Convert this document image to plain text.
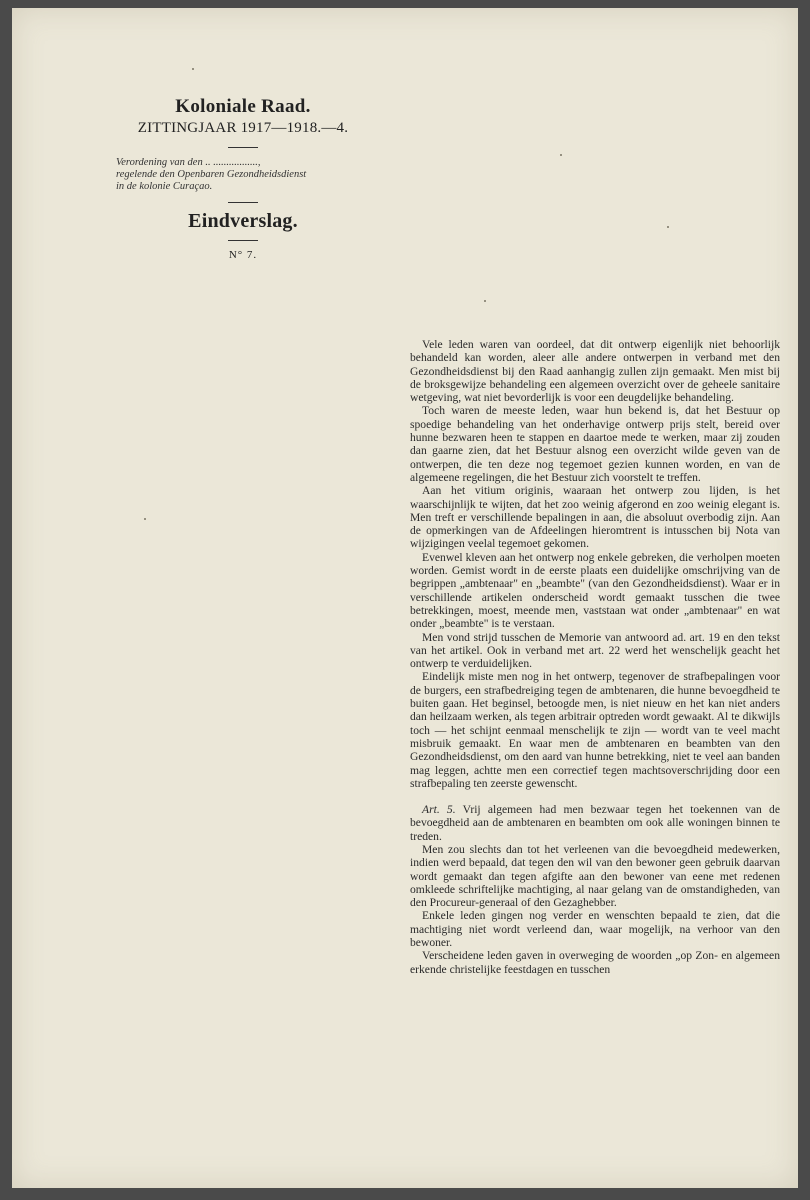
Koloniale Raad.

ZITTINGJAAR 1917—1918.—4.

Verordening van den .. .................,

regelende den Openbaren Gezondheidsdienst

in de kolonie Curaçao.

Eindverslag.

N° 7.

Vele leden waren van oordeel, dat dit ontwerp eigenlijk niet behoorlijk behandeld kan worden, aleer alle andere ontwerpen in verband met den Gezondheidsdienst bij den Raad aanhangig zullen zijn gemaakt. Men mist bij de broksgewijze behandeling een algemeen overzicht over de geheele sanitaire wetgeving, wat niet bevorderlijk is voor een deugdelijke behandeling.

Toch waren de meeste leden, waar hun bekend is, dat het Bestuur op spoedige behandeling van het onderhavige ontwerp prijs stelt, bereid over hunne bezwaren heen te stappen en daartoe mede te werken, maar zij zouden dan gaarne zien, dat het Bestuur alsnog een overzicht wilde geven van de ontwerpen, die ten deze nog tegemoet gezien kunnen worden, en van de algemeene regelingen, die het Bestuur zich voorstelt te treffen.

Aan het vitium originis, waaraan het ontwerp zou lijden, is het waarschijnlijk te wijten, dat het zoo weinig afgerond en zoo weinig elegant is. Men treft er verschillende bepalingen in aan, die absoluut overbodig zijn. Aan de opmerkingen van de Afdeelingen hieromtrent is intusschen bij Nota van wijzigingen veelal tegemoet gekomen.

Evenwel kleven aan het ontwerp nog enkele gebreken, die verholpen moeten worden. Gemist wordt in de eerste plaats een duidelijke omschrijving van de begrippen „ambtenaar" en „beambte" (van den Gezondheidsdienst). Waar er in verschillende artikelen onderscheid wordt gemaakt tusschen die twee betrekkingen, moest, meende men, vaststaan wat onder „ambtenaar" en wat onder „beambte" is te verstaan.

Men vond strijd tusschen de Memorie van antwoord ad. art. 19 en den tekst van het artikel. Ook in verband met art. 22 werd het wenschelijk geacht het ontwerp te verduidelijken.

Eindelijk miste men nog in het ontwerp, tegenover de strafbepalingen voor de burgers, een strafbedreiging tegen de ambtenaren, die hunne bevoegdheid te buiten gaan. Het beginsel, betoogde men, is niet nieuw en het kan niet anders dan heilzaam werken, als tegen arbitrair optreden wordt gewaakt. Al te dikwijls toch — het schijnt eenmaal menschelijk te zijn — wordt van te veel macht misbruik gemaakt. En waar men de ambtenaren en beambten van den Gezondheidsdienst, om den aard van hunne betrekking, niet te veel aan banden mag leggen, achtte men een correctief tegen machtsoverschrijding door een strafbepaling ten zeerste gewenscht.

Art. 5. Vrij algemeen had men bezwaar tegen het toekennen van de bevoegdheid aan de ambtenaren en beambten om ook alle woningen binnen te treden.

Men zou slechts dan tot het verleenen van die bevoegdheid medewerken, indien werd bepaald, dat tegen den wil van den bewoner geen gebruik daarvan wordt gemaakt dan tegen afgifte aan den bewoner van eene met redenen omkleede schriftelijke machtiging, al naar gelang van de omstandigheden, van den Procureur-generaal of den Gezaghebber.

Enkele leden gingen nog verder en wenschten bepaald te zien, dat die machtiging niet wordt verleend dan, waar mogelijk, na verhoor van den bewoner.

Verscheidene leden gaven in overweging de woorden „op Zon- en algemeen erkende christelijke feestdagen en tusschen
